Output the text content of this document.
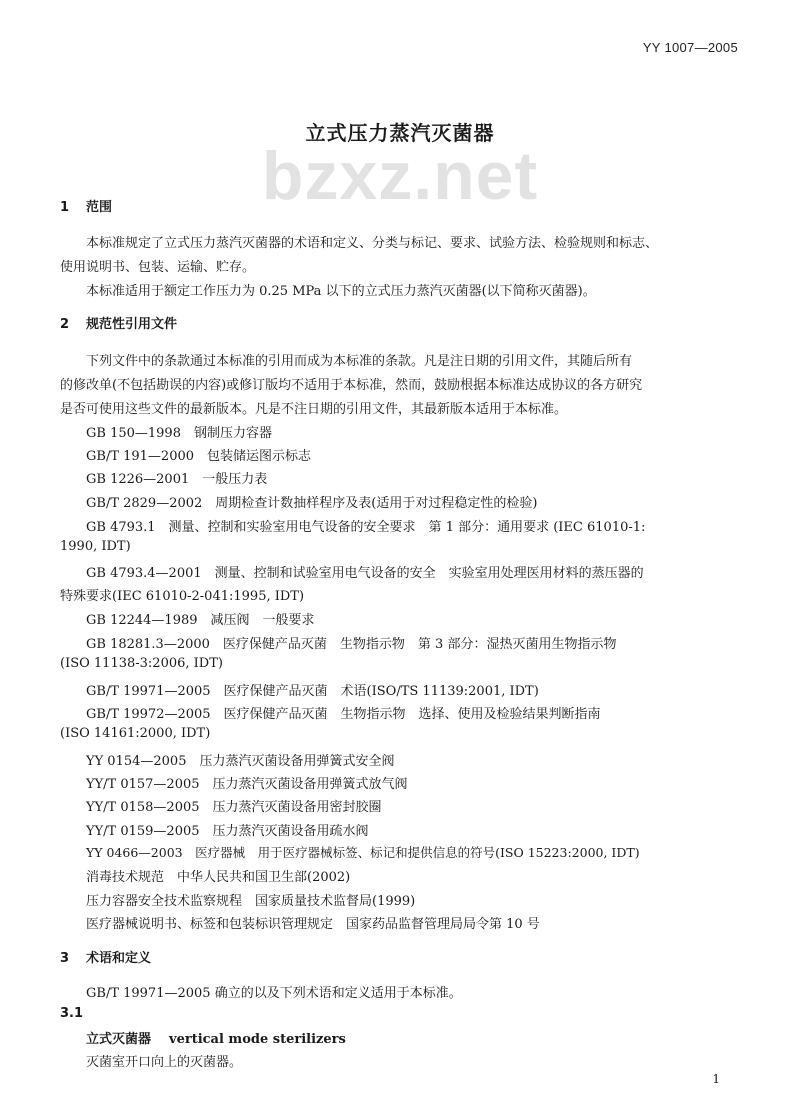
YY 1007—2005
bzxz.net
立式压力蒸汽灭菌器
1 范围
本标准规定了立式压力蒸汽灭菌器的术语和定义、分类与标记、要求、试验方法、检验规则和标志、
使用说明书、包装、运输、贮存。
本标准适用于额定工作压力为 0.25 MPa 以下的立式压力蒸汽灭菌器(以下简称灭菌器)。
2 规范性引用文件
下列文件中的条款通过本标准的引用而成为本标准的条款。凡是注日期的引用文件，其随后所有
的修改单(不包括勘误的内容)或修订版均不适用于本标准，然而，鼓励根据本标准达成协议的各方研究
是否可使用这些文件的最新版本。凡是不注日期的引用文件，其最新版本适用于本标准。
GB 150—1998　钢制压力容器
GB/T 191—2000　包装储运图示标志
GB 1226—2001　一般压力表
GB/T 2829—2002　周期检查计数抽样程序及表(适用于对过程稳定性的检验)
GB 4793.1　测量、控制和实验室用电气设备的安全要求　第 1 部分：通用要求 (IEC 61010-1:
1990, IDT)
GB 4793.4—2001　测量、控制和试验室用电气设备的安全　实验室用处理医用材料的蒸压器的
特殊要求(IEC 61010-2-041:1995, IDT)
GB 12244—1989　减压阀　一般要求
GB 18281.3—2000　医疗保健产品灭菌　生物指示物　第 3 部分：湿热灭菌用生物指示物
(ISO 11138-3:2006, IDT)
GB/T 19971—2005　医疗保健产品灭菌　术语(ISO/TS 11139:2001, IDT)
GB/T 19972—2005　医疗保健产品灭菌　生物指示物　选择、使用及检验结果判断指南
(ISO 14161:2000, IDT)
YY 0154—2005　压力蒸汽灭菌设备用弹簧式安全阀
YY/T 0157—2005　压力蒸汽灭菌设备用弹簧式放气阀
YY/T 0158—2005　压力蒸汽灭菌设备用密封胶圈
YY/T 0159—2005　压力蒸汽灭菌设备用疏水阀
YY 0466—2003　医疗器械　用于医疗器械标签、标记和提供信息的符号(ISO 15223:2000, IDT)
消毒技术规范　中华人民共和国卫生部(2002)
压力容器安全技术监察规程　国家质量技术监督局(1999)
医疗器械说明书、标签和包装标识管理规定　国家药品监督管理局局令第 10 号
3 术语和定义
GB/T 19971—2005 确立的以及下列术语和定义适用于本标准。
3.1
立式灭菌器 vertical mode sterilizers
灭菌室开口向上的灭菌器。
1
